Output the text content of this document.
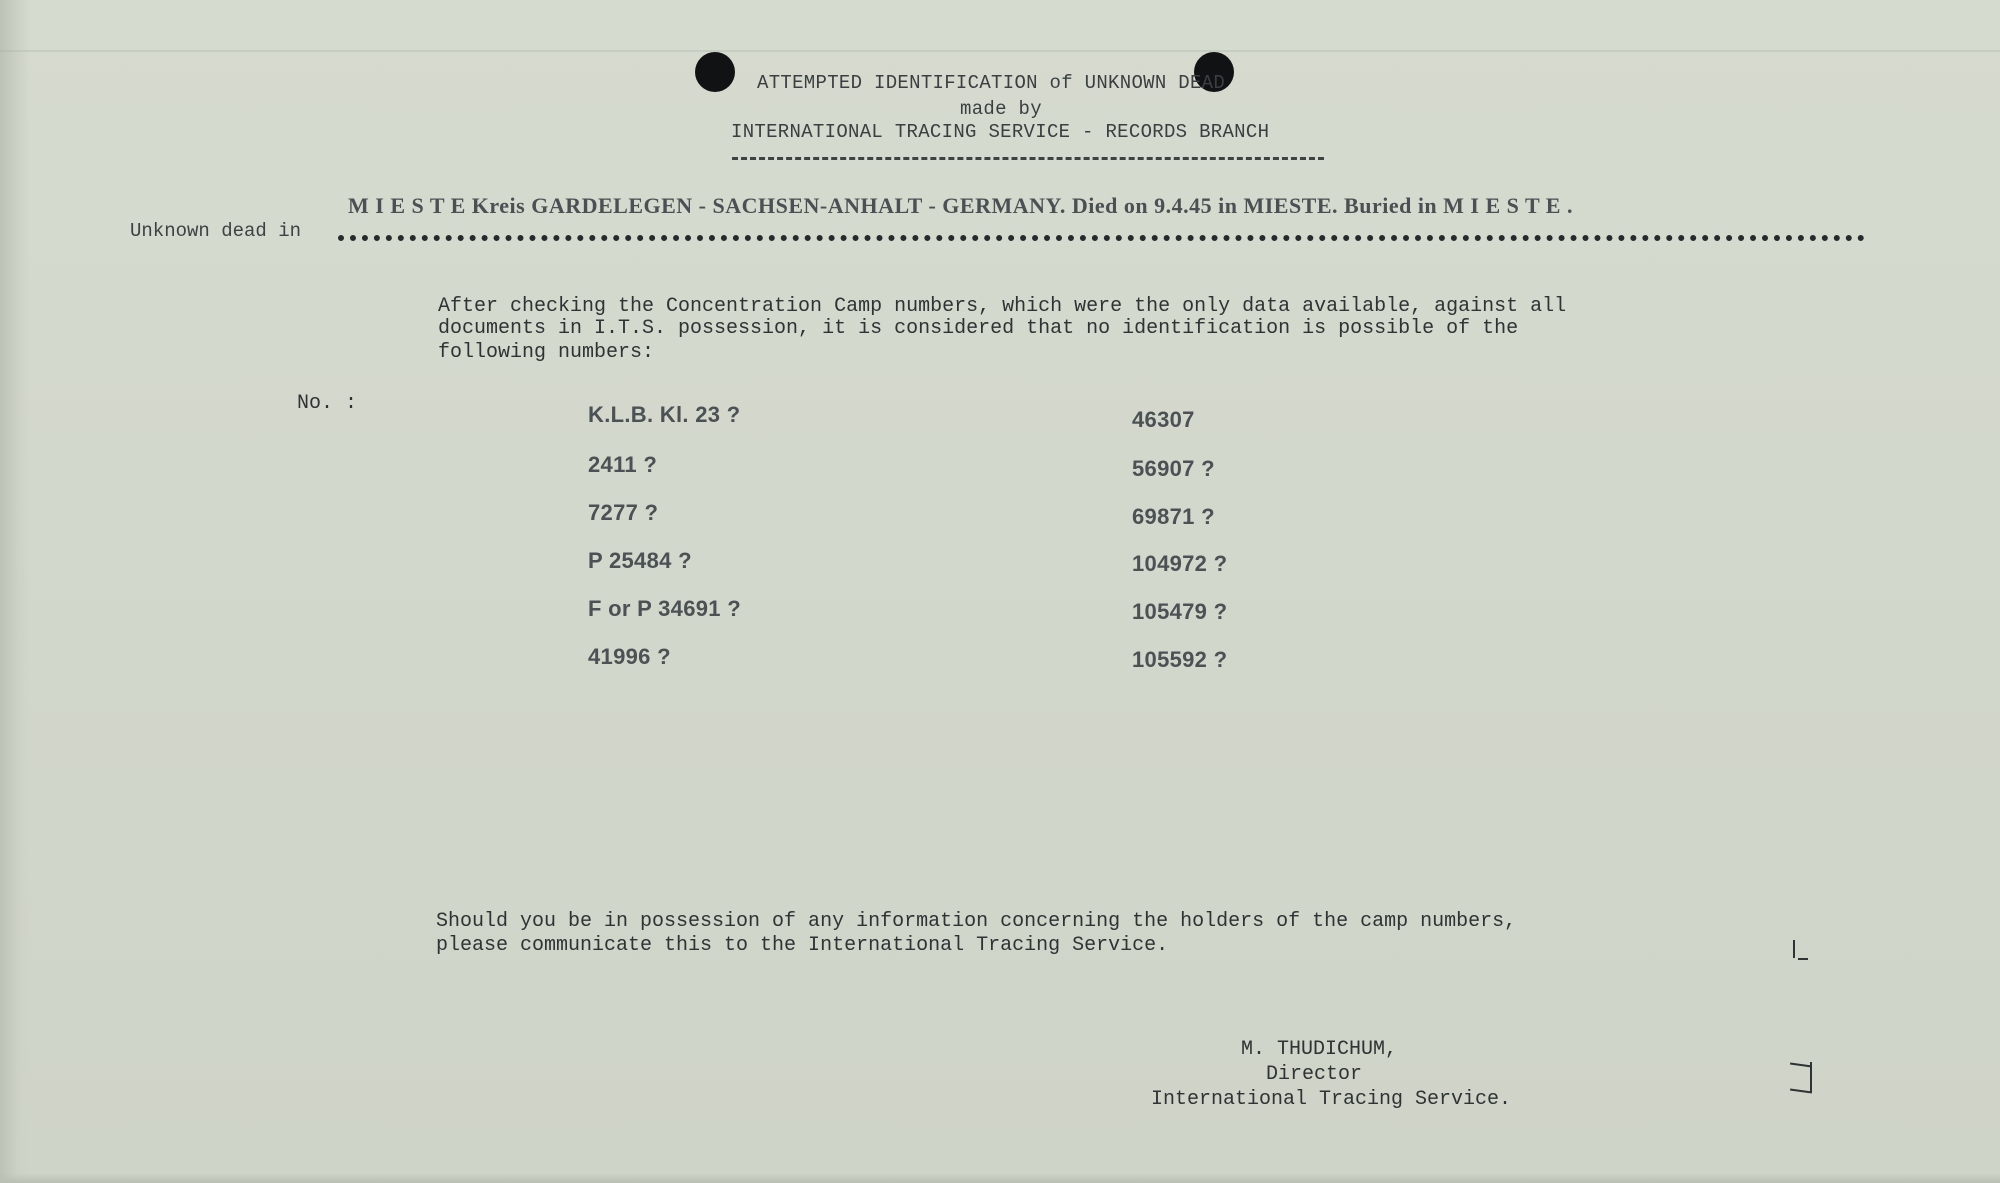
ATTEMPTED IDENTIFICATION of UNKNOWN DEAD
made by
INTERNATIONAL TRACING SERVICE - RECORDS BRANCH
M I E S T E Kreis GARDELEGEN - SACHSEN-ANHALT - GERMANY. Died on 9.4.45 in MIESTE. Buried in M I E S T E .
Unknown dead in
After checking the Concentration Camp numbers, which were the only data available, against all
documents in I.T.S. possession, it is considered that no identification is possible of the
following numbers:
No. :	K.L.B. Kl. 23 ?
2411 ?
7277 ?
P 25484 ?
F or P 34691 ?
41996 ?
46307
56907 ?
69871 ?
104972 ?
105479 ?
105592 ?
Should you be in possession of any information concerning the holders of the camp numbers,
please communicate this to the International Tracing Service.
M. THUDICHUM,
Director
International Tracing Service.
